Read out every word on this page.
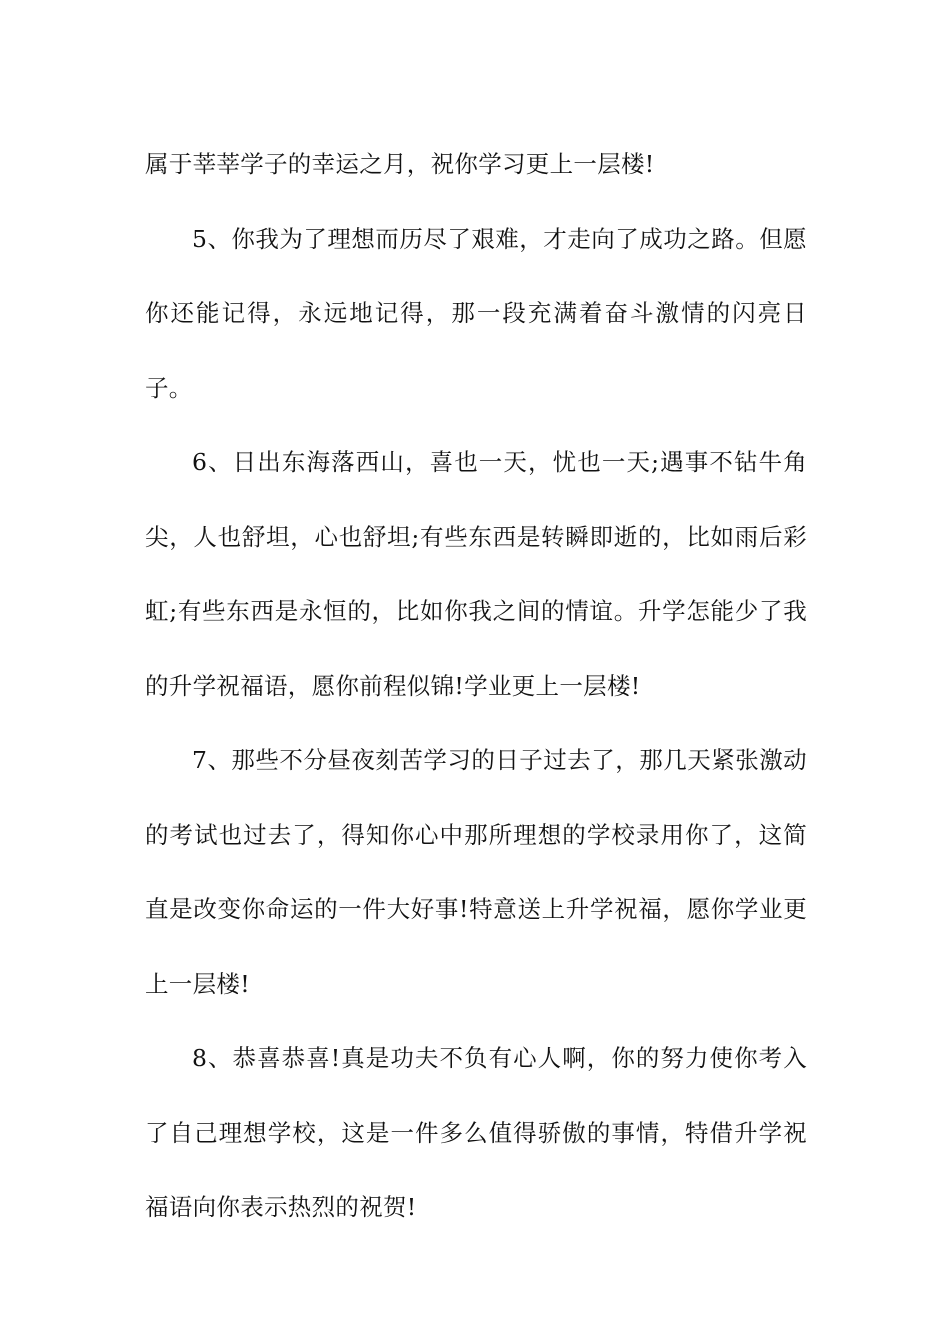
属于莘莘学子的幸运之月，祝你学习更上一层楼!

5、你我为了理想而历尽了艰难，才走向了成功之路。但愿你还能记得，永远地记得，那一段充满着奋斗激情的闪亮日子。

6、日出东海落西山，喜也一天，忧也一天;遇事不钻牛角尖，人也舒坦，心也舒坦;有些东西是转瞬即逝的，比如雨后彩虹;有些东西是永恒的，比如你我之间的情谊。升学怎能少了我的升学祝福语，愿你前程似锦!学业更上一层楼!

7、那些不分昼夜刻苦学习的日子过去了，那几天紧张激动的考试也过去了，得知你心中那所理想的学校录用你了，这简直是改变你命运的一件大好事!特意送上升学祝福，愿你学业更上一层楼!

8、恭喜恭喜!真是功夫不负有心人啊，你的努力使你考入了自己理想学校，这是一件多么值得骄傲的事情，特借升学祝福语向你表示热烈的祝贺!
